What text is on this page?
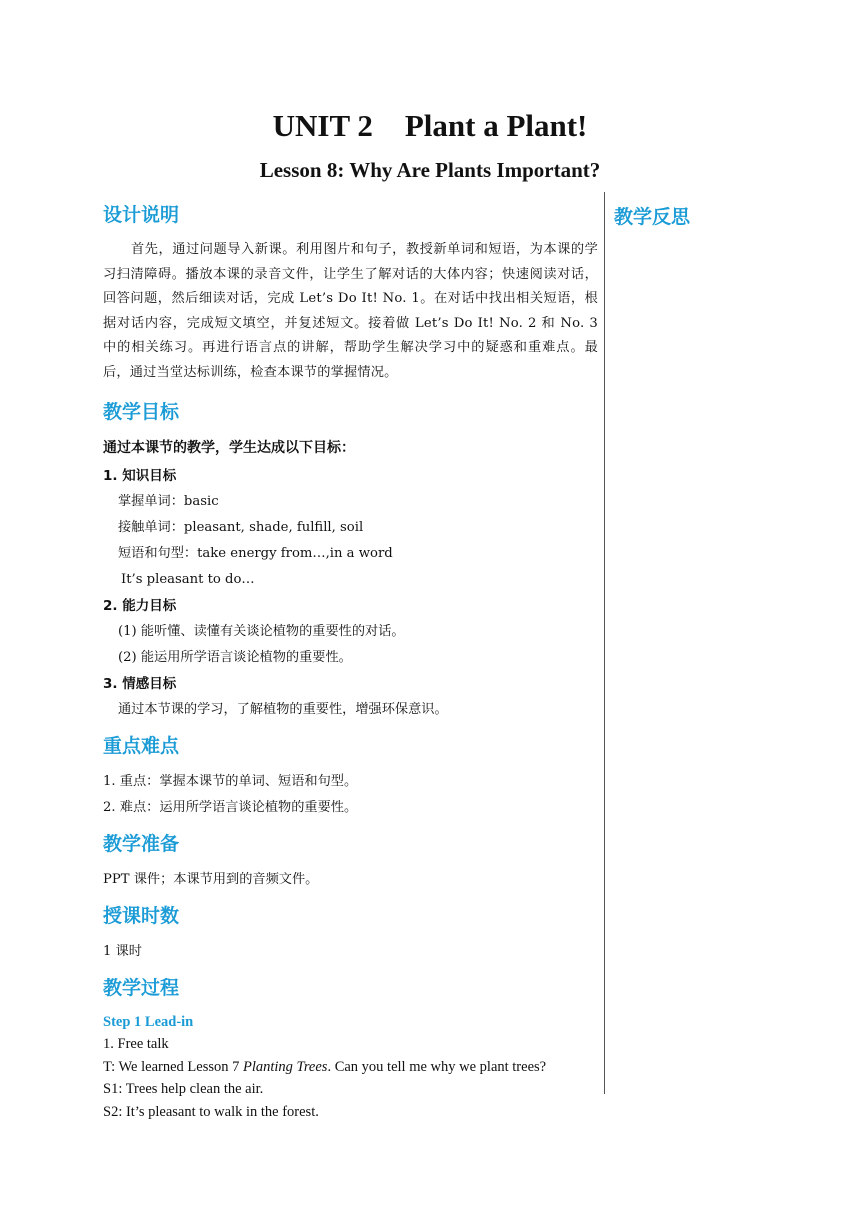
UNIT 2 Plant a Plant!
Lesson 8: Why Are Plants Important?
教学反思
设计说明
首先，通过问题导入新课。利用图片和句子，教授新单词和短语，为本课的学习扫清障碍。播放本课的录音文件，让学生了解对话的大体内容；快速阅读对话，回答问题，然后细读对话，完成 Let’s Do It! No. 1。在对话中找出相关短语，根据对话内容，完成短文填空，并复述短文。接着做 Let’s Do It! No. 2 和 No. 3 中的相关练习。再进行语言点的讲解，帮助学生解决学习中的疑惑和重难点。最后，通过当堂达标训练，检查本课节的掌握情况。
教学目标
通过本课节的教学，学生达成以下目标：
1. 知识目标
掌握单词：basic
接触单词：pleasant, shade, fulfill, soil
短语和句型：take energy from…,in a word
It’s pleasant to do…
2. 能力目标
(1) 能听懂、读懂有关谈论植物的重要性的对话。
(2) 能运用所学语言谈论植物的重要性。
3. 情感目标
通过本节课的学习，了解植物的重要性，增强环保意识。
重点难点
1. 重点：掌握本课节的单词、短语和句型。
2. 难点：运用所学语言谈论植物的重要性。
教学准备
PPT 课件；本课节用到的音频文件。
授课时数
1 课时
教学过程
Step 1 Lead-in
1. Free talk
T: We learned Lesson 7 Planting Trees. Can you tell me why we plant trees?
S1: Trees help clean the air.
S2: It’s pleasant to walk in the forest.
